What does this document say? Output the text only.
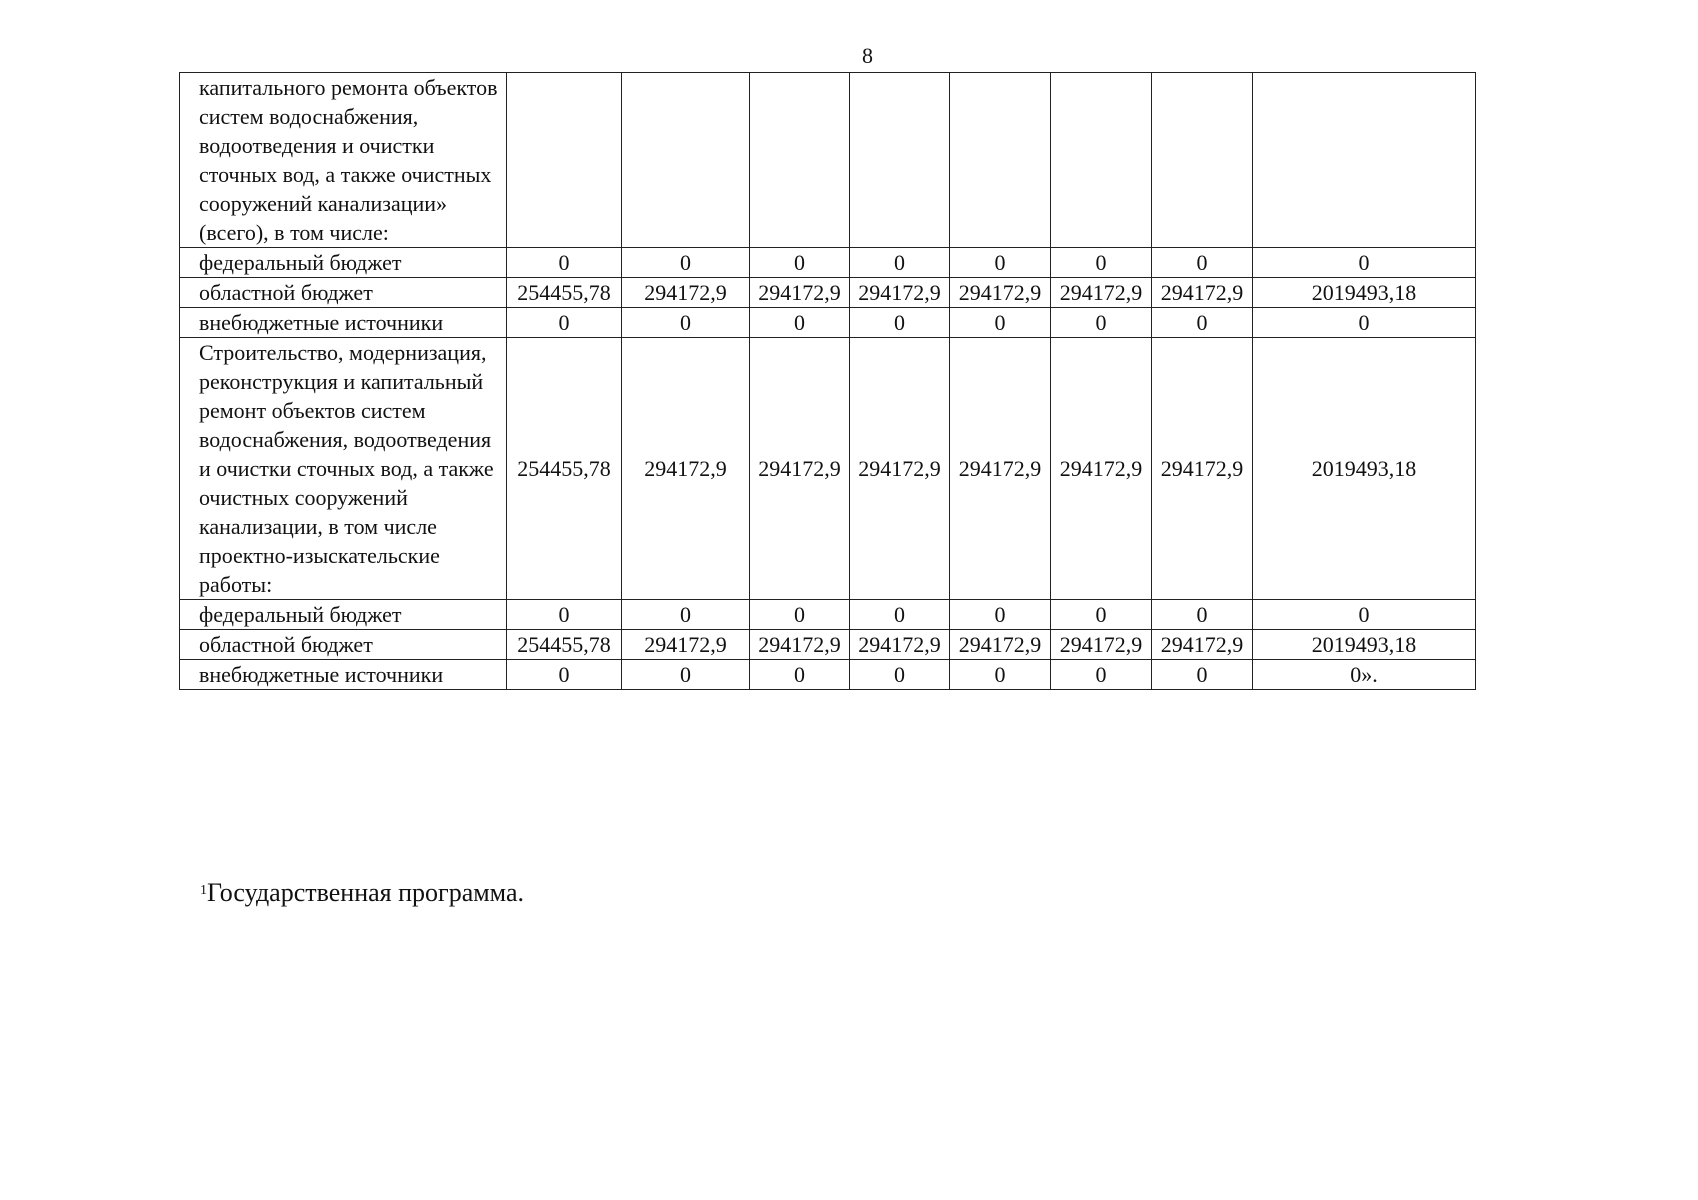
8
капитального ремонта объектов систем водоснабжения, водоотведения и очистки сточных вод, а также очистных сооружений канализации» (всего), в том числе:								
федеральный бюджет	0	0	0	0	0	0	0	0
областной бюджет	254455,78	294172,9	294172,9	294172,9	294172,9	294172,9	294172,9	2019493,18
внебюджетные источники	0	0	0	0	0	0	0	0
Строительство, модернизация, реконструкция и капитальный ремонт объектов систем водоснабжения, водоотведения и очистки сточных вод, а также очистных сооружений канализации, в том числе проектно-изыскательские работы:	254455,78	294172,9	294172,9	294172,9	294172,9	294172,9	294172,9	2019493,18
федеральный бюджет	0	0	0	0	0	0	0	0
областной бюджет	254455,78	294172,9	294172,9	294172,9	294172,9	294172,9	294172,9	2019493,18
внебюджетные источники	0	0	0	0	0	0	0	0».
$^1$Государственная программа.
